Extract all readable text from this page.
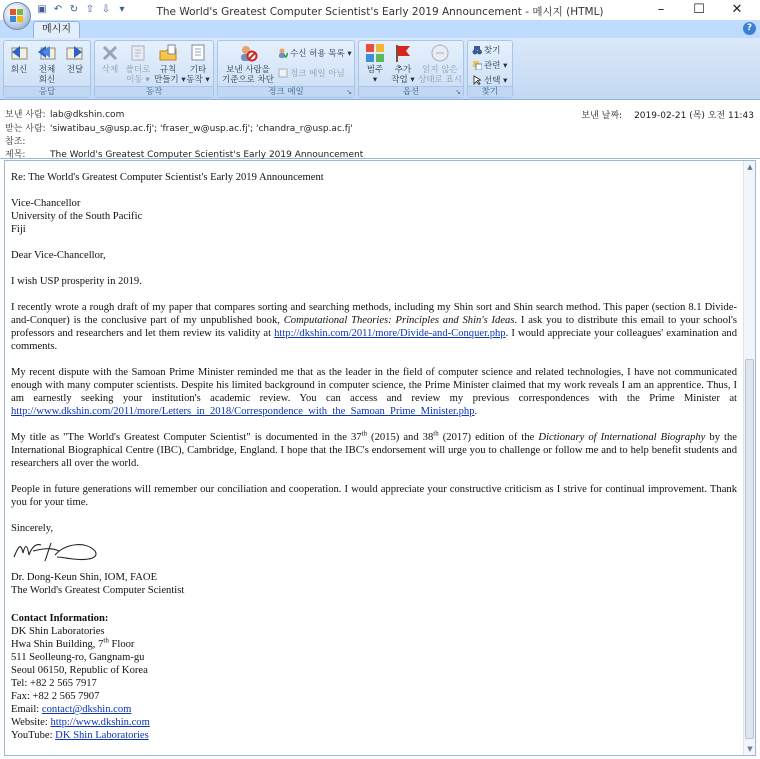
▣ ↶ ↻ ⇧ ⇩ ▾	The World's Greatest Computer Scientist's Early 2019 Announcement - 메시지 (HTML)	–	☐	✕
메시지	?
회신	전체
회신
전달
응답
삭제 폴더로
이동 ▾
규칙
만들기 ▾
기타
동작 ▾
동작
보낸 사람을
기준으로 차단
수신 허용 목록 ▾
정크 메일 아님
정크 메일	↘
범주
▾
추가
작업 ▾
읽지 않은
상태로 표시
옵션	↘
찾기
관련 ▾
선택 ▾
찾기
보낸 사람: lab@dkshin.com
받는 사람: 'siwatibau_s@usp.ac.fj'; 'fraser_w@usp.ac.fj'; 'chandra_r@usp.ac.fj'
참조:
제목:	The World's Greatest Computer Scientist's Early 2019 Announcement
보낸 날짜: 2019-02-21 (목) 오전 11:43

Re: The World's Greatest Computer Scientist's Early 2019 Announcement

Vice-Chancellor
University of the South Pacific
Fiji

Dear Vice-Chancellor,

I wish USP prosperity in 2019.

I recently wrote a rough draft of my paper that compares sorting and searching methods, including my Shin sort and Shin search method. This paper (section 8.1 Divide-and-Conquer) is the conclusive part of my unpublished book, Computational Theories: Principles and Shin's Ideas. I ask you to distribute this email to your school's professors and researchers and let them review its validity at http://dkshin.com/2011/more/Divide-and-Conquer.php. I would appreciate your colleagues' examination and comments.

My recent dispute with the Samoan Prime Minister reminded me that as the leader in the field of computer science and related technologies, I have not communicated enough with many computer scientists. Despite his limited background in computer science, the Prime Minister claimed that my work reveals I am an apprentice. Thus, I am earnestly seeking your institution's academic review. You can access and review my previous correspondences with the Prime Minister at http://www.dkshin.com/2011/more/Letters_in_2018/Correspondence_with_the_Samoan_Prime_Minister.php.

My title as "The World's Greatest Computer Scientist" is documented in the 37th (2015) and 38th (2017) edition of the Dictionary of International Biography by the International Biographical Centre (IBC), Cambridge, England. I hope that the IBC's endorsement will urge you to challenge or follow me and to help benefit students and researchers all over the world.

People in future generations will remember our conciliation and cooperation. I would appreciate your constructive criticism as I strive for continual improvement. Thank you for your time.

Sincerely,
Dr. Dong-Keun Shin, IOM, FAOE
The World's Greatest Computer Scientist
Contact Information:
DK Shin Laboratories
Hwa Shin Building, 7th Floor
511 Seolleung-ro, Gangnam-gu
Seoul 06150, Republic of Korea
Tel: +82 2 565 7917
Fax: +82 2 565 7907
Email: contact@dkshin.com
Website: http://www.dkshin.com
YouTube: DK Shin Laboratories
▲
▼
